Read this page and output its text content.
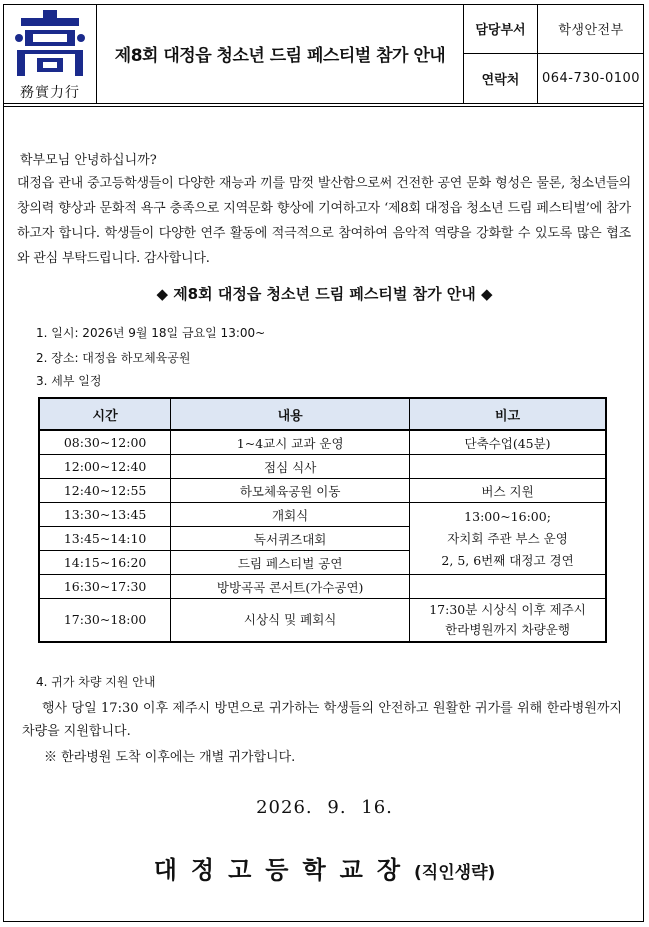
務實力行
제8회 대정읍 청소년 드림 페스티벌 참가 안내
담당부서	학생안전부
연락처	064-730-0100
학부모님 안녕하십니까?
대정읍 관내 중고등학생들이 다양한 재능과 끼를 맘껏 발산함으로써 건전한 공연 문화 형성은 물론, 청소년들의 창의력 향상과 문화적 욕구 충족으로 지역문화 향상에 기여하고자 ‘제8회 대정읍 청소년 드림 페스티벌’에 참가하고자 합니다. 학생들이 다양한 연주 활동에 적극적으로 참여하여 음악적 역량을 강화할 수 있도록 많은 협조와 관심 부탁드립니다. 감사합니다.
◆ 제8회 대정읍 청소년 드림 페스티벌 참가 안내 ◆
1. 일시: 2026년 9월 18일 금요일 13:00~
2. 장소: 대정읍 하모체육공원
3. 세부 일정
시간	내용	비고
08:30~12:00	1~4교시 교과 운영	단축수업(45분)
12:00~12:40	점심 식사	
12:40~12:55	하모체육공원 이동	버스 지원
13:30~13:45	개회식	13:00~16:00;
자치회 주관 부스 운영
2, 5, 6번째 대정고 경연

13:45~14:10	독서퀴즈대회	
14:15~16:20	드림 페스티벌 공연	
16:30~17:30	방방곡곡 콘서트(가수공연)	
17:30~18:00	시상식 및 폐회식	17:30분 시상식 이후 제주시
한라병원까지 차량운행
4. 귀가 차량 지원 안내
행사 당일 17:30 이후 제주시 방면으로 귀가하는 학생들의 안전하고 원활한 귀가를 위해 한라병원까지 차량을 지원합니다.
※ 한라병원 도착 이후에는 개별 귀가합니다.
2026. 9. 16.
대정고등학교장(직인생략)
